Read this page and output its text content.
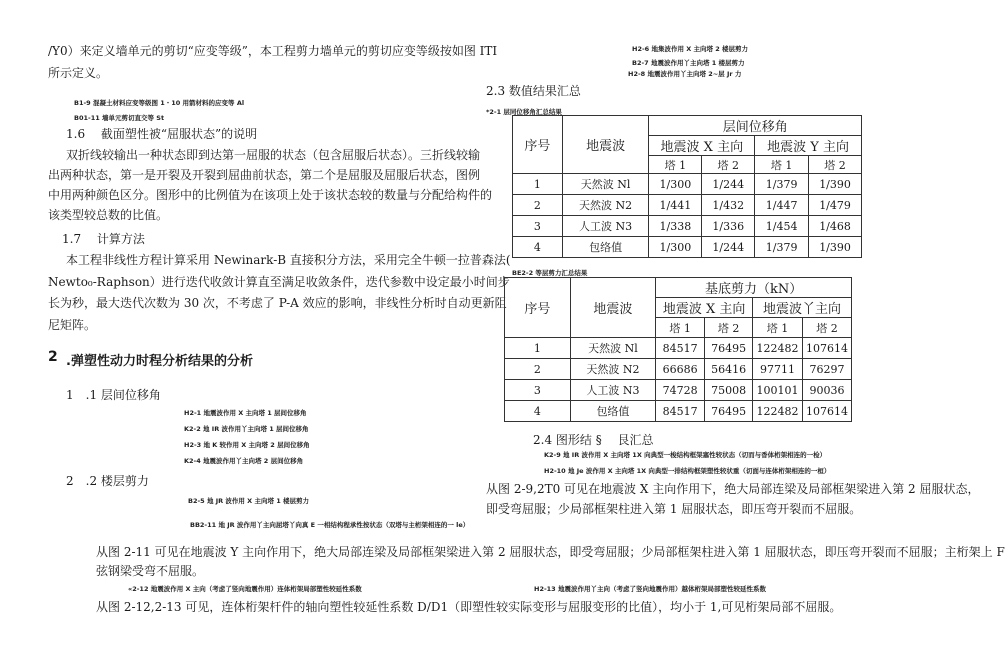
/Y0）来定义墙单元的剪切“应变等级”，本工程剪力墙单元的剪切应变等级按如图 ITI
所示定义。
B1-9 混凝土材料应变等级图 1・10 用箭材料的应变等 Al
B01-11 墙单元剪切直交等 St
1.6　 截面塑性被“屈服状态”的说明
双折线较输出一种状态即到达第一屈服的状态（包含屈服后状态）。三折线较输
出两种状态，第一是开裂及开裂到屈曲前状态，第二个是屈服及屈服后状态，图例
中用两种颜色区分。图形中的比例值为在该项上处于该状态较的数量与分配给构件的
该类型较总数的比值。
1.7　 计算方法
本工程非线性方程计算采用 Newinark-B 直接积分方法，采用完全牛顿一拉普森法(
Newto₀-Raphson）进行迭代收敛计算直至满足收敛条件，迭代参数中设定最小时间步
长为秒，最大迭代次数为 30 次，不考虑了 P-A 效应的影响，非线性分析时自动更新阻
尼矩阵。
2 .弹塑性动力时程分析结果的分析
1　.1 层间位移角
H2-1 地震波作用 X 主向塔 1 层间位移角
K2-2 地 IR 波作用丫主向塔 1 层间位移角
H2-3 地 K 较作用 X 主向塔 2 层间位移角
K2-4 地震波作用丫主向塔 2 层间位移角
2　.2 楼层剪力
B2-5 地 JR 波作用 X 主向塔 1 楼层剪力
BB2-11 地 JR 波作用丫主向屈塔丫向真 E 一相结构程承性按状态（双塔与主桁架相连的一 le）
H2-6 地集波作用 X 主向塔 2 楼层剪力
B2-7 地震波作用丫主向塔 1 楼层剪力
H2-8 地震波作用丫主向塔 2~层 Jr 力
2.3 数值结果汇总
*2-1 层同位移角汇总结果
序号	地震波	层间位移角			
		地震波 X 主向		地震波 Y 主向	
		塔 1	塔 2	塔 1	塔 2
1	天然波 Nl	1/300	1/244	1/379	1/390
2	天然波 N2	1/441	1/432	1/447	1/479
3	人工波 N3	1/338	1/336	1/454	1/468
4	包络值	1/300	1/244	1/379	1/390
BE2-2 等层剪力汇总结果
序号	地震波	基底剪力（kN）			
		地震波 X 主向		地震波丫主向	
		塔 1	塔 2	塔 1	塔 2
1	天然波 Nl	84517	76495	122482	107614
2	天然波 N2	66686	56416	97711	76297
3	人工波 N3	74728	75008	100101	90036
4	包络值	84517	76495	122482	107614
2.4 图形结 §　 艮汇总
K2-9 地 IR 波作用 X 主向塔 1X 向典型一梭结构框架塞性较状态（切而与香体桁架相连的一检）
H2-10 地 Je 波作用 X 主向塔 1X 向典型一排结构框架塑性较状重（切面与连体桁架相连的一桓）
从图 2-9,2T0 可见在地震波 X 主向作用下，绝大局部连梁及局部框架梁进入第 2 屈服状态，
即受弯屈服；少局部框架柱进入第 1 屈服状态，即压弯开裂而不屈服。
从图 2-11 可见在地震波 Y 主向作用下，绝大局部连梁及局部框架梁进入第 2 屈服状态，即受弯屈服；少局部框架柱进入第 1 屈服状态，即压弯开裂而不屈服；主桁架上 F
弦钢梁受弯不屈服。
«2-12 地震波作用 X 主向（考虑了竖向地震作用）连体桁架局部塑性较延性系数	H2-13 地震波作用丫主向（考虑了竖向地震作用）越体桁架局部塑性较延性系数
从图 2-12,2-13 可见，连体桁架杆件的轴向塑性较延性系数 D/D1（即塑性较实际变形与屈服变形的比值），均小于 1,可见桁架局部不屈服。
